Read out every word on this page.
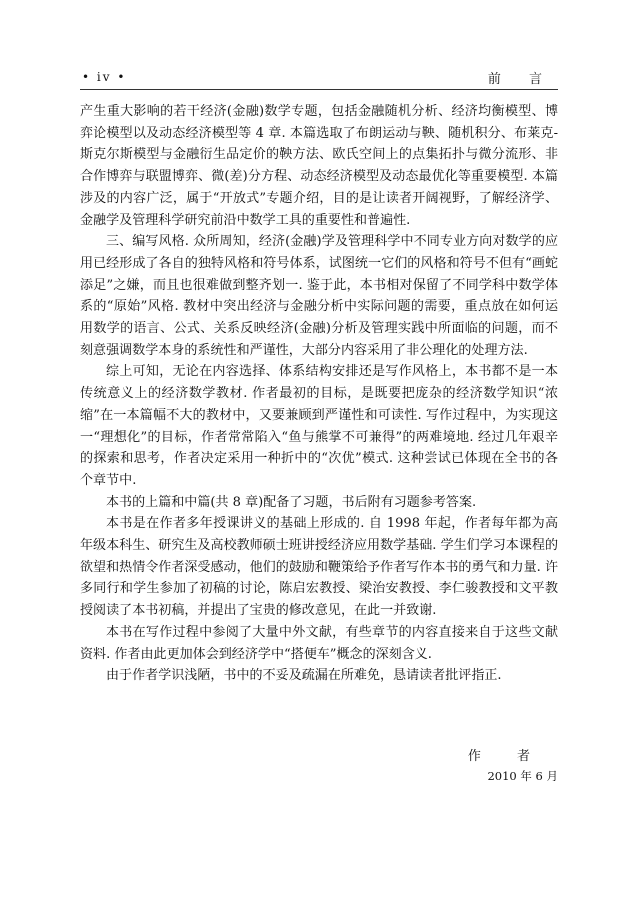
• iv •	前 言

产生重大影响的若干经济(金融)数学专题，包括金融随机分析、经济均衡模型、博弈论模型以及动态经济模型等 4 章. 本篇选取了布朗运动与鞅、随机积分、布莱克-斯克尔斯模型与金融衍生品定价的鞅方法、欧氏空间上的点集拓扑与微分流形、非合作博弈与联盟博弈、微(差)分方程、动态经济模型及动态最优化等重要模型. 本篇涉及的内容广泛，属于“开放式”专题介绍，目的是让读者开阔视野，了解经济学、金融学及管理科学研究前沿中数学工具的重要性和普遍性.

三、编写风格. 众所周知，经济(金融)学及管理科学中不同专业方向对数学的应用已经形成了各自的独特风格和符号体系，试图统一它们的风格和符号不但有“画蛇添足”之嫌，而且也很难做到整齐划一. 鉴于此，本书相对保留了不同学科中数学体系的“原始”风格. 教材中突出经济与金融分析中实际问题的需要，重点放在如何运用数学的语言、公式、关系反映经济(金融)分析及管理实践中所面临的问题，而不刻意强调数学本身的系统性和严谨性，大部分内容采用了非公理化的处理方法.

综上可知，无论在内容选择、体系结构安排还是写作风格上，本书都不是一本传统意义上的经济数学教材. 作者最初的目标，是既要把庞杂的经济数学知识“浓缩”在一本篇幅不大的教材中，又要兼顾到严谨性和可读性. 写作过程中，为实现这一“理想化”的目标，作者常常陷入“鱼与熊掌不可兼得”的两难境地. 经过几年艰辛的探索和思考，作者决定采用一种折中的“次优”模式. 这种尝试已体现在全书的各个章节中.

本书的上篇和中篇(共 8 章)配备了习题，书后附有习题参考答案.

本书是在作者多年授课讲义的基础上形成的. 自 1998 年起，作者每年都为高年级本科生、研究生及高校教师硕士班讲授经济应用数学基础. 学生们学习本课程的欲望和热情令作者深受感动，他们的鼓励和鞭策给予作者写作本书的勇气和力量. 许多同行和学生参加了初稿的讨论，陈启宏教授、梁治安教授、李仁骏教授和文平教授阅读了本书初稿，并提出了宝贵的修改意见，在此一并致谢.

本书在写作过程中参阅了大量中外文献，有些章节的内容直接来自于这些文献资料. 作者由此更加体会到经济学中“搭便车”概念的深刻含义.

由于作者学识浅陋，书中的不妥及疏漏在所难免，恳请读者批评指正.

作 者
2010 年 6 月
